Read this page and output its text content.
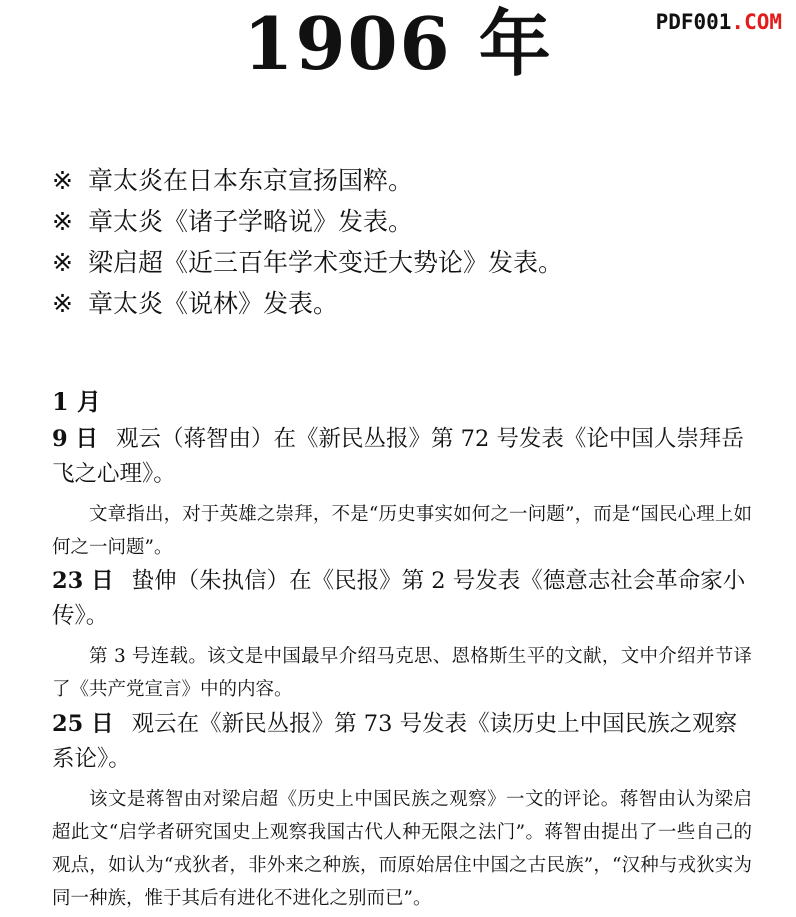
PDF001.COM
1906 年
※ 章太炎在日本东京宣扬国粹。
※ 章太炎《诸子学略说》发表。
※ 梁启超《近三百年学术变迁大势论》发表。
※ 章太炎《说林》发表。
1 月

9 日 观云（蒋智由）在《新民丛报》第 72 号发表《论中国人崇拜岳飞之心理》。

文章指出，对于英雄之崇拜，不是“历史事实如何之一问题”，而是“国民心理上如何之一问题”。

23 日 蛰伸（朱执信）在《民报》第 2 号发表《德意志社会革命家小传》。

第 3 号连载。该文是中国最早介绍马克思、恩格斯生平的文献，文中介绍并节译了《共产党宣言》中的内容。

25 日 观云在《新民丛报》第 73 号发表《读历史上中国民族之观察系论》。

该文是蒋智由对梁启超《历史上中国民族之观察》一文的评论。蒋智由认为梁启超此文“启学者研究国史上观察我国古代人种无限之法门”。蒋智由提出了一些自己的观点，如认为“戎狄者，非外来之种族，而原始居住中国之古民族”，“汉种与戎狄实为同一种族，惟于其后有进化不进化之别而已”。
